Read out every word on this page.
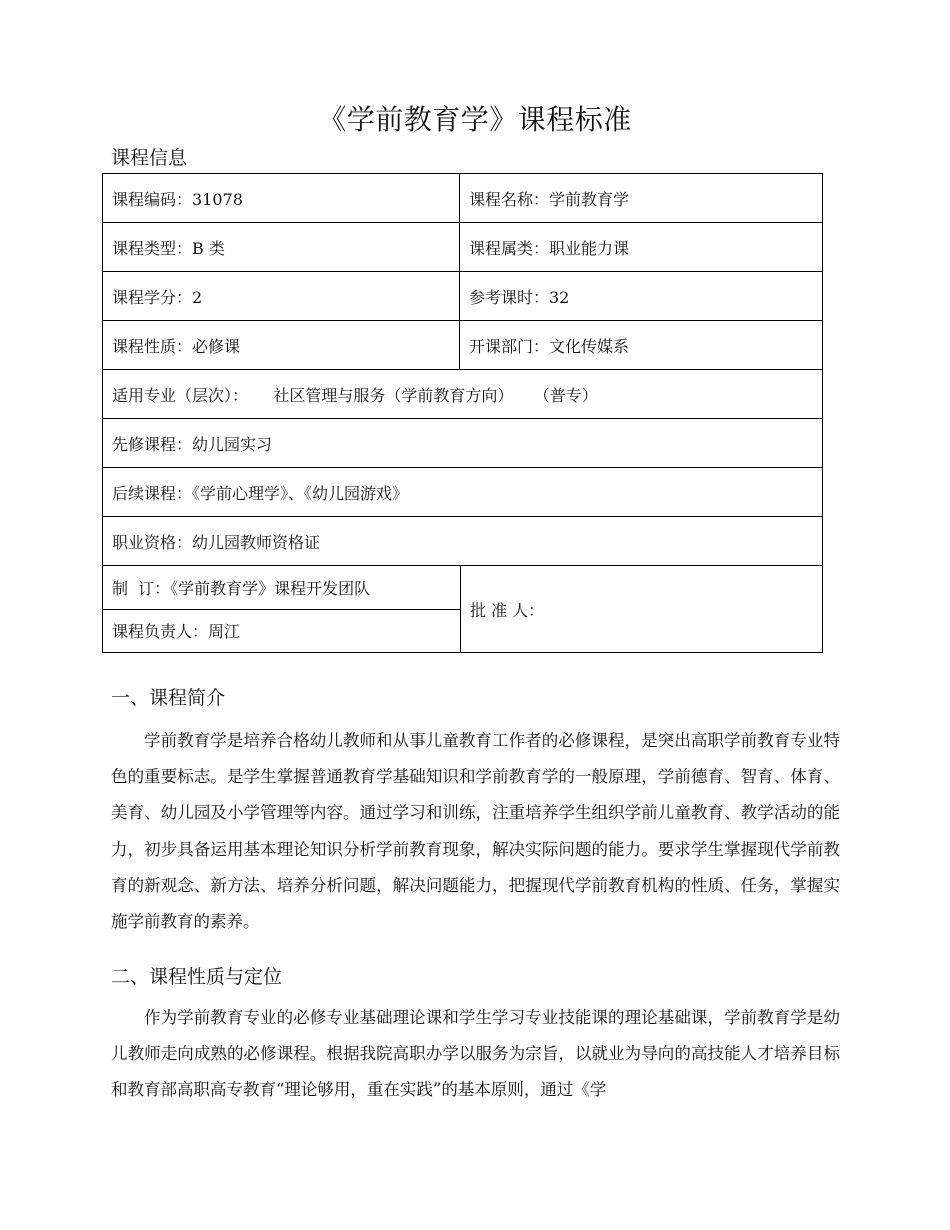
《学前教育学》课程标准
课程信息
课程编码：31078	课程名称：学前教育学
课程类型：B 类	课程属类：职业能力课
课程学分：2	参考课时：32
课程性质：必修课	开课部门：文化传媒系
适用专业（层次）：     社区管理与服务（学前教育方向）    （普专）
先修课程：幼儿园实习
后续课程：《学前心理学》、《幼儿园游戏》
职业资格：幼儿园教师资格证
制  订：《学前教育学》课程开发团队
课程负责人：周江
批 准 人：
一、课程简介

学前教育学是培养合格幼儿教师和从事儿童教育工作者的必修课程，是突出高职学前教育专业特色的重要标志。是学生掌握普通教育学基础知识和学前教育学的一般原理，学前德育、智育、体育、美育、幼儿园及小学管理等内容。通过学习和训练，注重培养学生组织学前儿童教育、教学活动的能力，初步具备运用基本理论知识分析学前教育现象，解决实际问题的能力。要求学生掌握现代学前教育的新观念、新方法、培养分析问题，解决问题能力，把握现代学前教育机构的性质、任务，掌握实施学前教育的素养。

二、课程性质与定位

作为学前教育专业的必修专业基础理论课和学生学习专业技能课的理论基础课，学前教育学是幼儿教师走向成熟的必修课程。根据我院高职办学以服务为宗旨，以就业为导向的高技能人才培养目标和教育部高职高专教育“理论够用，重在实践”的基本原则，通过《学
